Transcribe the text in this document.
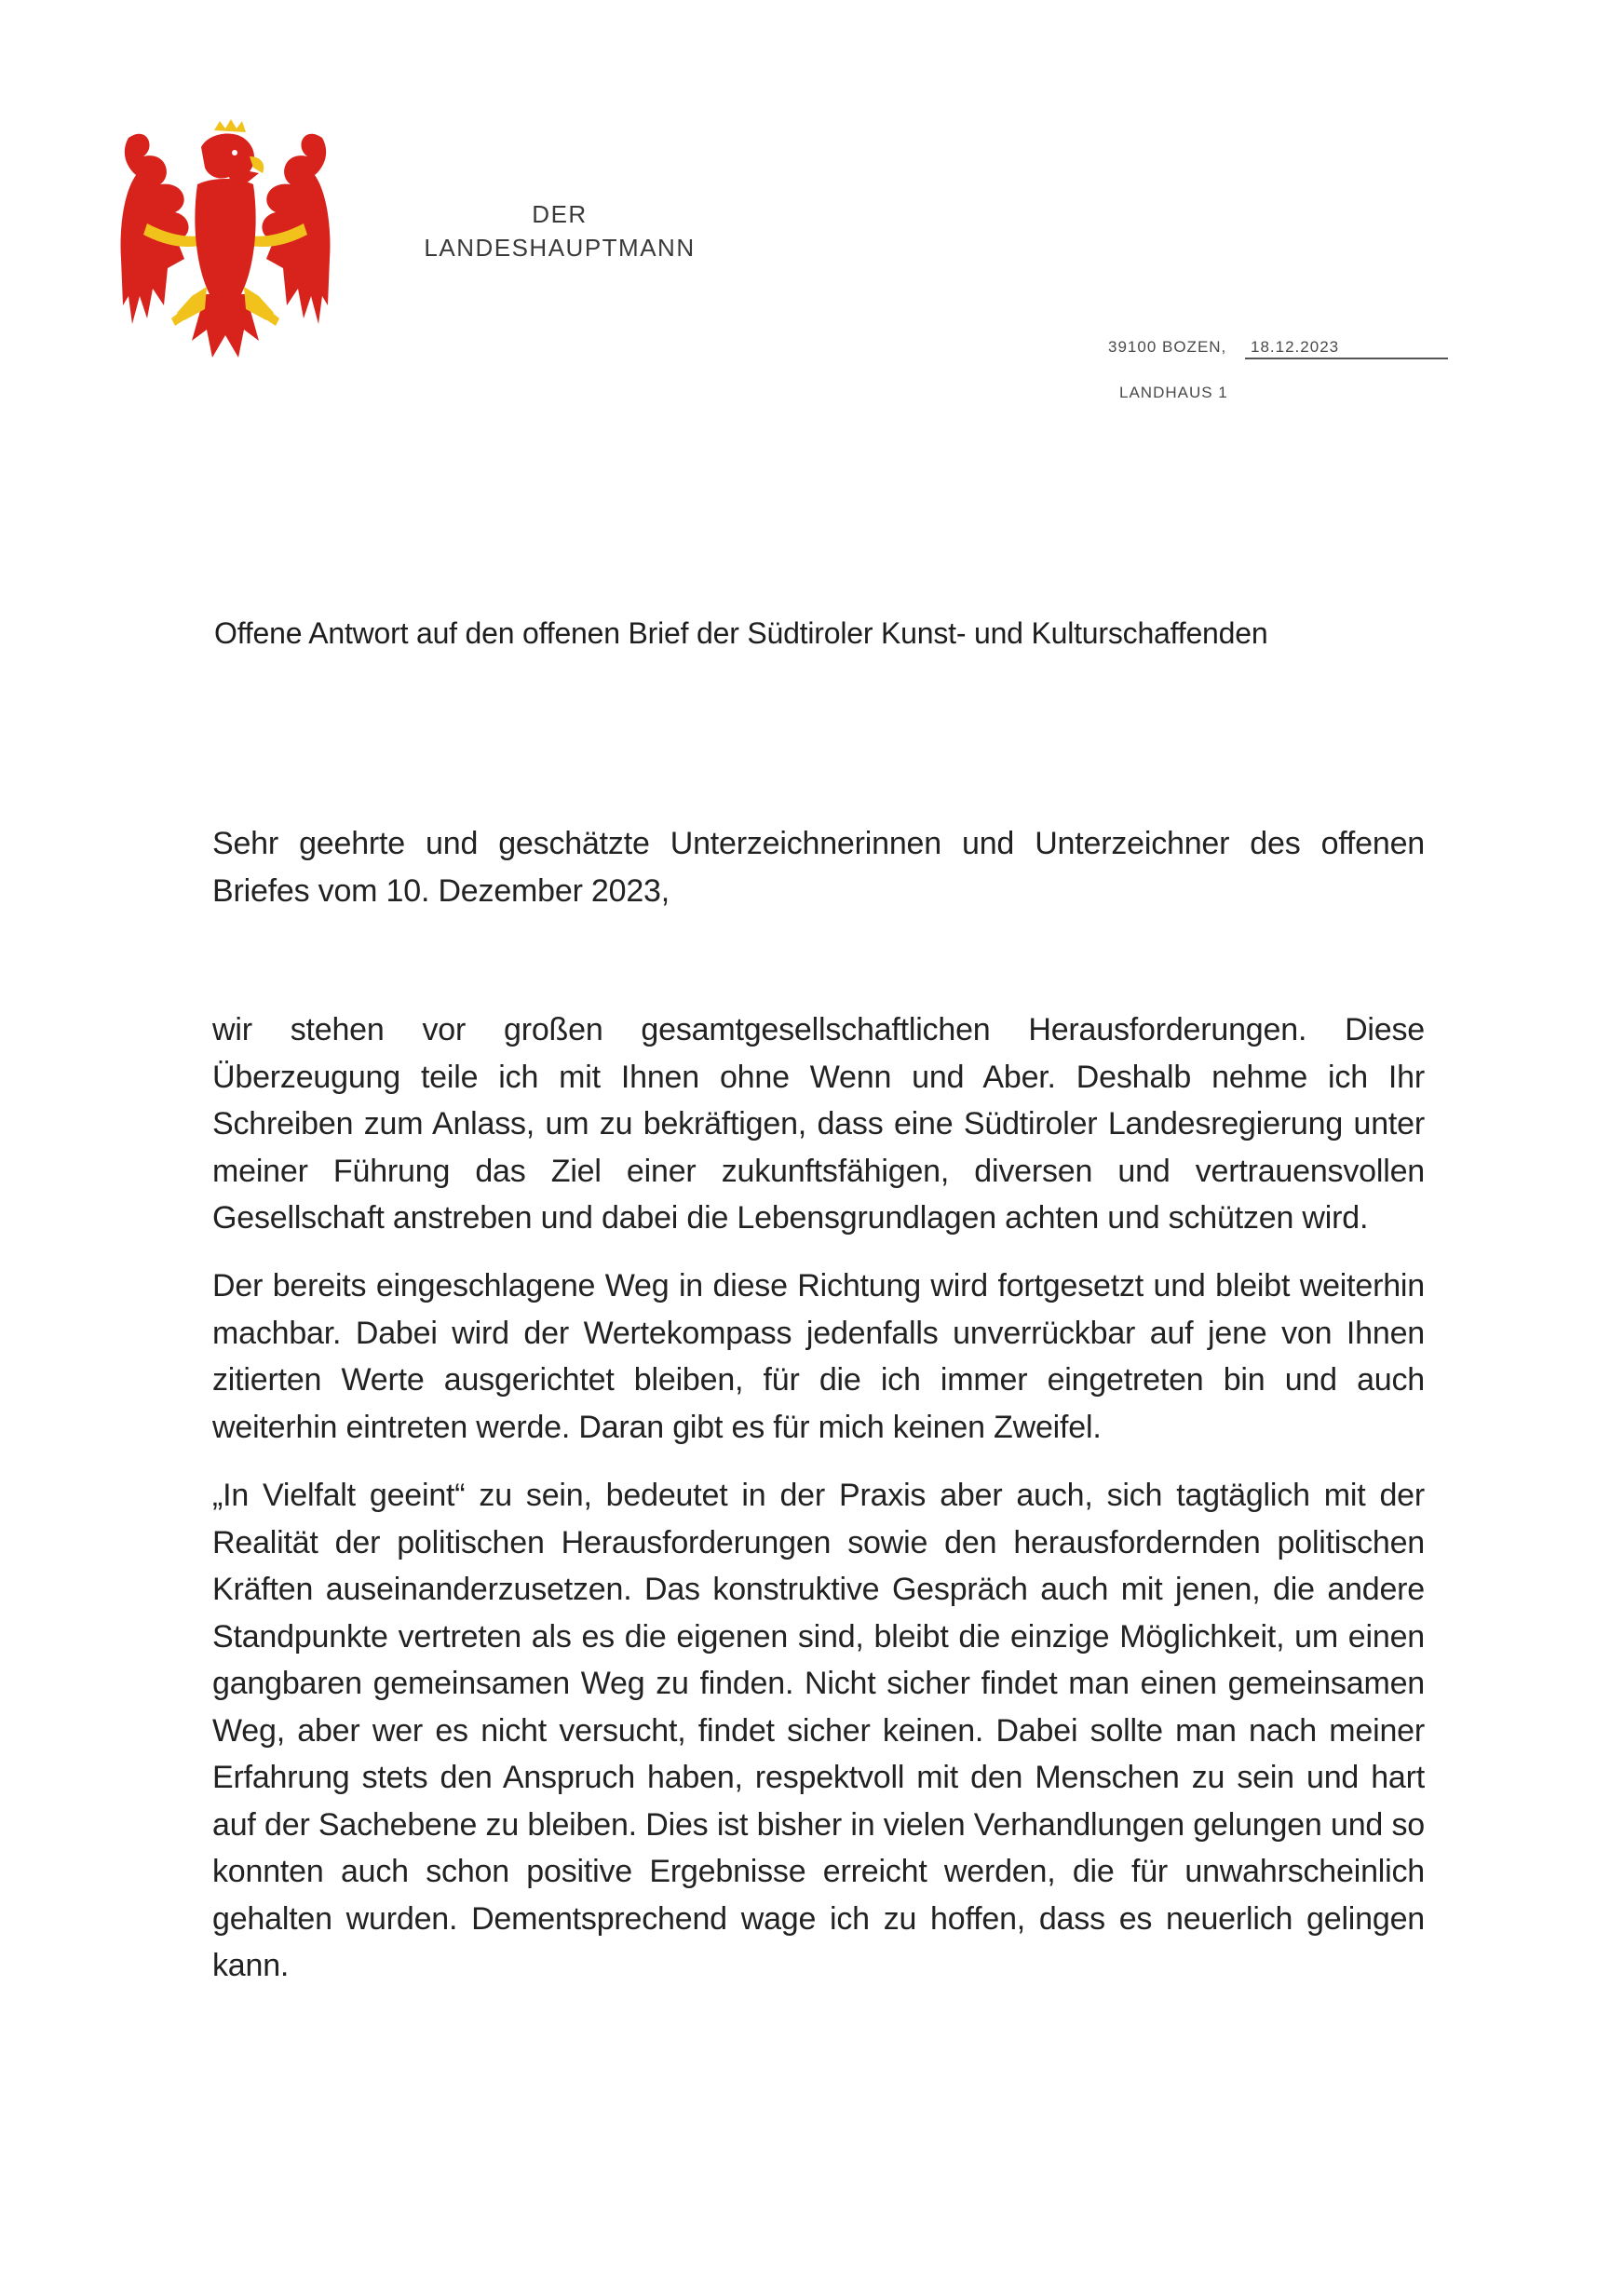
DER
LANDESHAUPTMANN
39100 BOZEN, 18.12.2023
LANDHAUS 1
Offene Antwort auf den offenen Brief der Südtiroler Kunst- und Kulturschaffenden

Sehr geehrte und geschätzte Unterzeichnerinnen und Unterzeichner des offenen Briefes vom 10. Dezember 2023,

wir stehen vor großen gesamtgesellschaftlichen Herausforderungen. Diese Überzeugung teile ich mit Ihnen ohne Wenn und Aber. Deshalb nehme ich Ihr Schreiben zum Anlass, um zu bekräftigen, dass eine Südtiroler Landesregierung unter meiner Führung das Ziel einer zukunftsfähigen, diversen und vertrauensvollen Gesellschaft anstreben und dabei die Lebensgrundlagen achten und schützen wird.

Der bereits eingeschlagene Weg in diese Richtung wird fortgesetzt und bleibt weiterhin machbar. Dabei wird der Wertekompass jedenfalls unverrückbar auf jene von Ihnen zitierten Werte ausgerichtet bleiben, für die ich immer eingetreten bin und auch weiterhin eintreten werde. Daran gibt es für mich keinen Zweifel.

„In Vielfalt geeint“ zu sein, bedeutet in der Praxis aber auch, sich tagtäglich mit der Realität der politischen Herausforderungen sowie den herausfordernden politischen Kräften auseinanderzusetzen. Das konstruktive Gespräch auch mit jenen, die andere Standpunkte vertreten als es die eigenen sind, bleibt die einzige Möglichkeit, um einen gangbaren gemeinsamen Weg zu finden. Nicht sicher findet man einen gemeinsamen Weg, aber wer es nicht versucht, findet sicher keinen. Dabei sollte man nach meiner Erfahrung stets den Anspruch haben, respektvoll mit den Menschen zu sein und hart auf der Sachebene zu bleiben. Dies ist bisher in vielen Verhandlungen gelungen und so konnten auch schon positive Ergebnisse erreicht werden, die für unwahrscheinlich gehalten wurden. Dementsprechend wage ich zu hoffen, dass es neuerlich gelingen kann.
